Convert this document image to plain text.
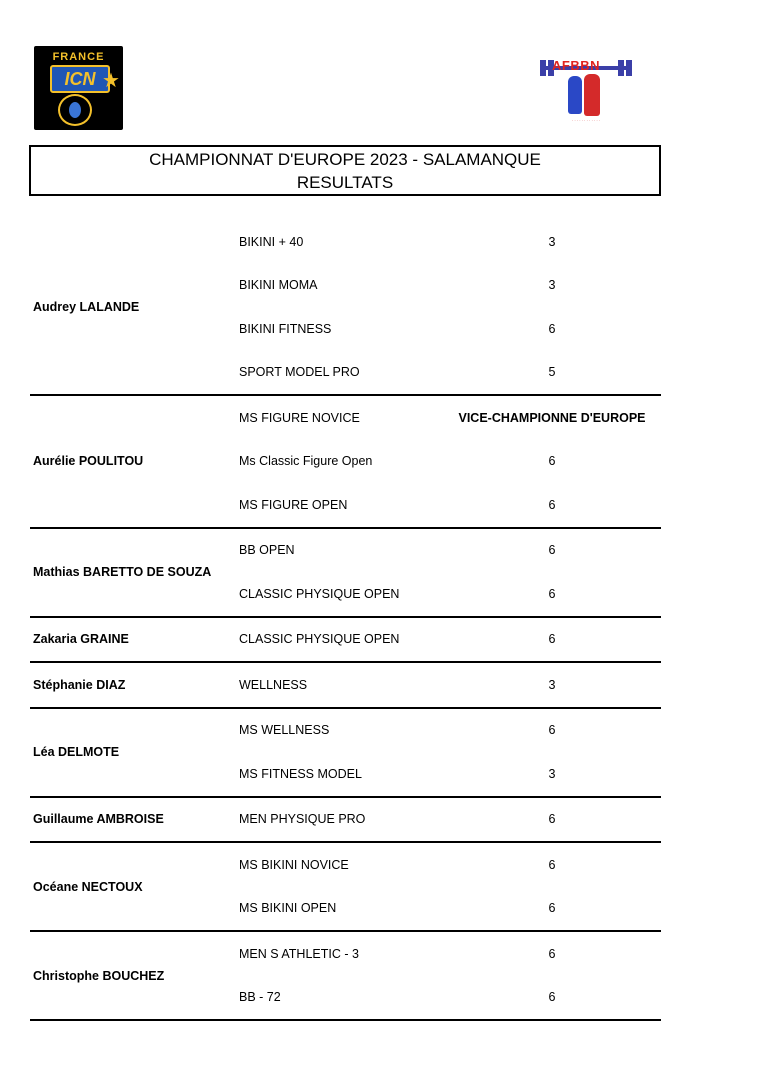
FRANCE
ICN ★
AFBBN
· · · · · · · · · · · ·
CHAMPIONNAT D'EUROPE 2023 - SALAMANQUE
RESULTATS
Audrey LALANDE
BIKINI + 40	3
BIKINI MOMA	3
BIKINI FITNESS	6
SPORT MODEL PRO	5
Aurélie POULITOU
MS FIGURE NOVICE	VICE-CHAMPIONNE D'EUROPE
Ms Classic Figure Open	6
MS FIGURE OPEN	6
Mathias BARETTO DE SOUZA
BB OPEN	6
CLASSIC PHYSIQUE OPEN	6
Zakaria GRAINE	CLASSIC PHYSIQUE OPEN	6
Stéphanie DIAZ	WELLNESS	3
Léa DELMOTE
MS WELLNESS	6
MS FITNESS MODEL	3
Guillaume AMBROISE	MEN PHYSIQUE PRO	6
Océane NECTOUX
MS BIKINI NOVICE	6
MS BIKINI OPEN	6
Christophe BOUCHEZ
MEN S ATHLETIC - 3	6
BB - 72	6
